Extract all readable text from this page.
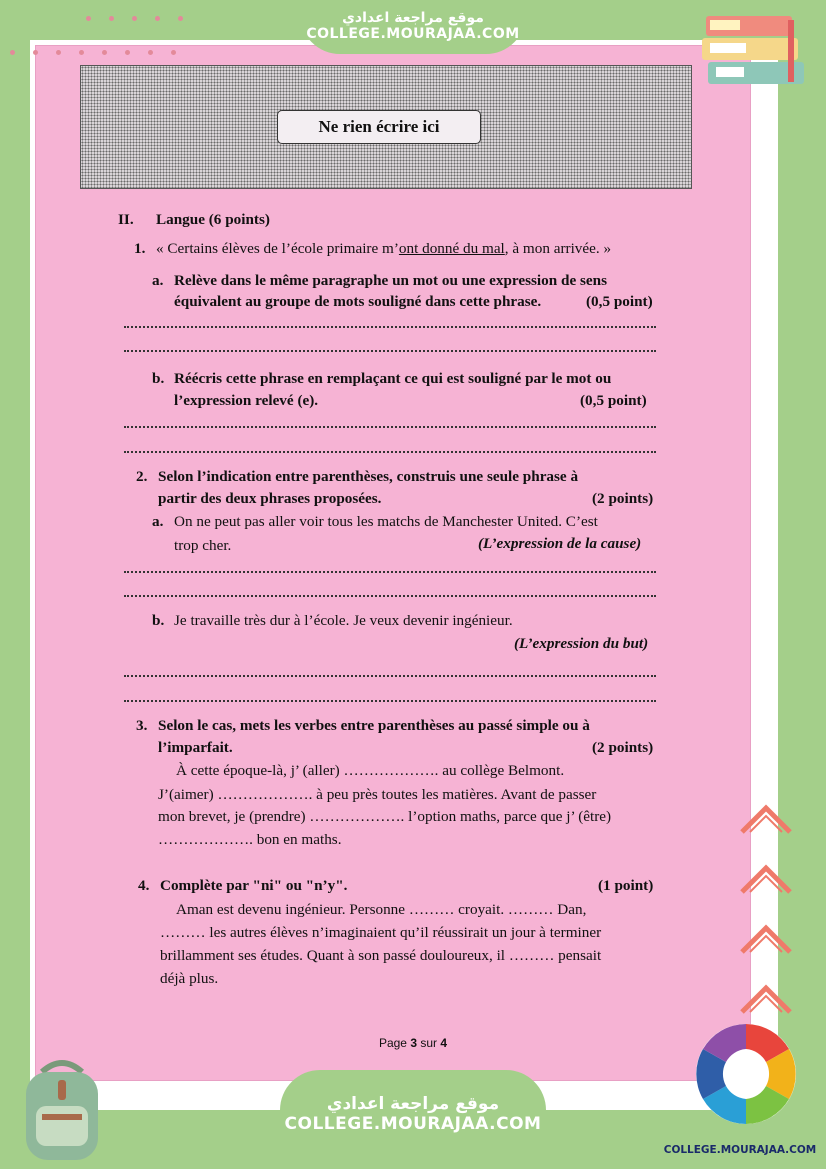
موقع مراجعة اعدادي
COLLEGE.MOURAJAA.COM
Ne rien écrire ici
II. Langue (6 points)
1. « Certains élèves de l’école primaire m’ont donné du mal, à mon arrivée. »
a. Relève dans le même paragraphe un mot ou une expression de sens
équivalent au groupe de mots souligné dans cette phrase.	(0,5 point)
b. Réécris cette phrase en remplaçant ce qui est souligné par le mot ou
l’expression relevé (e).	(0,5 point)
2. Selon l’indication entre parenthèses, construis une seule phrase à
partir des deux phrases proposées.	(2 points)
a. On ne peut pas aller voir tous les matchs de Manchester United. C’est
trop cher.	(L’expression de la cause)
b. Je travaille très dur à l’école. Je veux devenir ingénieur.
(L’expression du but)
3. Selon le cas, mets les verbes entre parenthèses au passé simple ou à
l’imparfait.	(2 points)
À cette époque-là, j’ (aller) ………………. au collège Belmont.
J’(aimer) ………………. à peu près toutes les matières. Avant de passer
mon brevet, je (prendre) ………………. l’option maths, parce que j’ (être)
………………. bon en maths.
4. Complète par "ni" ou "n’y".	(1 point)
Aman est devenu ingénieur. Personne ……… croyait. ……… Dan,
……… les autres élèves n’imaginaient qu’il réussirait un jour à terminer
brillamment ses études. Quant à son passé douloureux, il ……… pensait
déjà plus.
Page 3 sur 4
موقع مراجعة اعدادي
COLLEGE.MOURAJAA.COM
COLLEGE.MOURAJAA.COM
